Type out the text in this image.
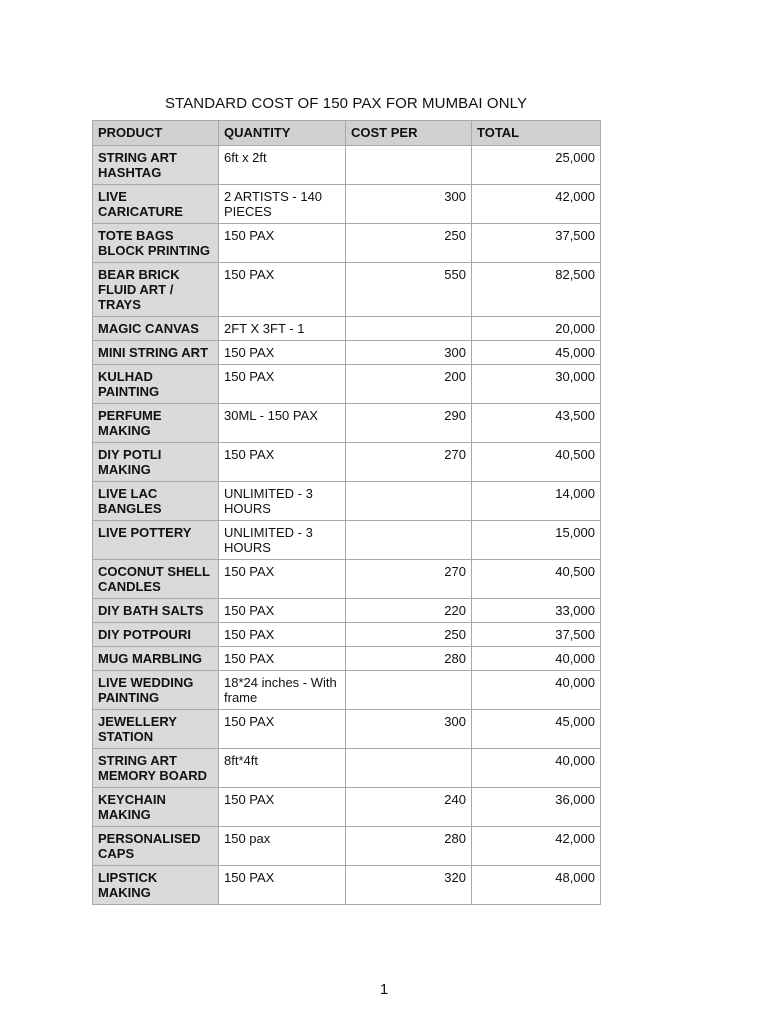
STANDARD COST OF 150 PAX FOR MUMBAI ONLY
PRODUCT	QUANTITY	COST PER	TOTAL
STRING ART HASHTAG	6ft x 2ft		25,000
LIVE CARICATURE	2 ARTISTS - 140 PIECES	300	42,000
TOTE BAGS BLOCK PRINTING	150 PAX	250	37,500
BEAR BRICK FLUID ART / TRAYS	150 PAX	550	82,500
MAGIC CANVAS	2FT X 3FT - 1		20,000
MINI STRING ART	150 PAX	300	45,000
KULHAD PAINTING	150 PAX	200	30,000
PERFUME MAKING	30ML - 150 PAX	290	43,500
DIY POTLI MAKING	150 PAX	270	40,500
LIVE LAC BANGLES	UNLIMITED - 3 HOURS		14,000
LIVE POTTERY	UNLIMITED - 3 HOURS		15,000
COCONUT SHELL CANDLES	150 PAX	270	40,500
DIY BATH SALTS	150 PAX	220	33,000
DIY POTPOURI	150 PAX	250	37,500
MUG MARBLING	150 PAX	280	40,000
LIVE WEDDING PAINTING	18*24 inches - With frame		40,000
JEWELLERY STATION	150 PAX	300	45,000
STRING ART MEMORY BOARD	8ft*4ft		40,000
KEYCHAIN MAKING	150 PAX	240	36,000
PERSONALISED CAPS	150 pax	280	42,000
LIPSTICK MAKING	150 PAX	320	48,000
1
